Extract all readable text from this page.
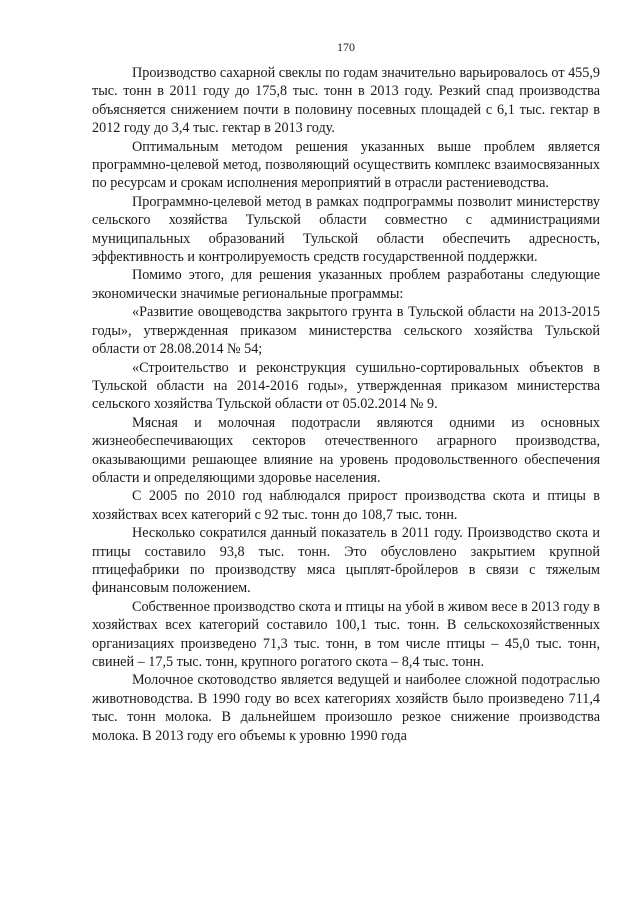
170

Производство сахарной свеклы по годам значительно варьировалось от 455,9 тыс. тонн в 2011 году до 175,8 тыс. тонн в 2013 году. Резкий спад производства объясняется снижением почти в половину посевных площадей с 6,1 тыс. гектар в 2012 году до 3,4 тыс. гектар в 2013 году.

Оптимальным методом решения указанных выше проблем является программно-целевой метод, позволяющий осуществить комплекс взаимосвязанных по ресурсам и срокам исполнения мероприятий в отрасли растениеводства.

Программно-целевой метод в рамках подпрограммы позволит министерству сельского хозяйства Тульской области совместно с администрациями муниципальных образований Тульской области обеспечить адресность, эффективность и контролируемость средств государственной поддержки.

Помимо этого, для решения указанных проблем разработаны следующие экономически значимые региональные программы:

«Развитие овощеводства закрытого грунта в Тульской области на 2013-2015 годы», утвержденная приказом министерства сельского хозяйства Тульской области от 28.08.2014 № 54;

«Строительство и реконструкция сушильно-сортировальных объектов в Тульской области на 2014-2016 годы», утвержденная приказом министерства сельского хозяйства Тульской области от 05.02.2014 № 9.

Мясная и молочная подотрасли являются одними из основных жизнеобеспечивающих секторов отечественного аграрного производства, оказывающими решающее влияние на уровень продовольственного обеспечения области и определяющими здоровье населения.

С 2005 по 2010 год наблюдался прирост производства скота и птицы в хозяйствах всех категорий с 92 тыс. тонн до 108,7 тыс. тонн.

Несколько сократился данный показатель в 2011 году. Производство скота и птицы составило 93,8 тыс. тонн. Это обусловлено закрытием крупной птицефабрики по производству мяса цыплят-бройлеров в связи с тяжелым финансовым положением.

Собственное производство скота и птицы на убой в живом весе в 2013 году в хозяйствах всех категорий составило 100,1 тыс. тонн. В сельскохозяйственных организациях произведено 71,3 тыс. тонн, в том числе птицы – 45,0 тыс. тонн, свиней – 17,5 тыс. тонн, крупного рогатого скота – 8,4 тыс. тонн.

Молочное скотоводство является ведущей и наиболее сложной подотраслью животноводства. В 1990 году во всех категориях хозяйств было произведено 711,4 тыс. тонн молока. В дальнейшем произошло резкое снижение производства молока. В 2013 году его объемы к уровню 1990 года
